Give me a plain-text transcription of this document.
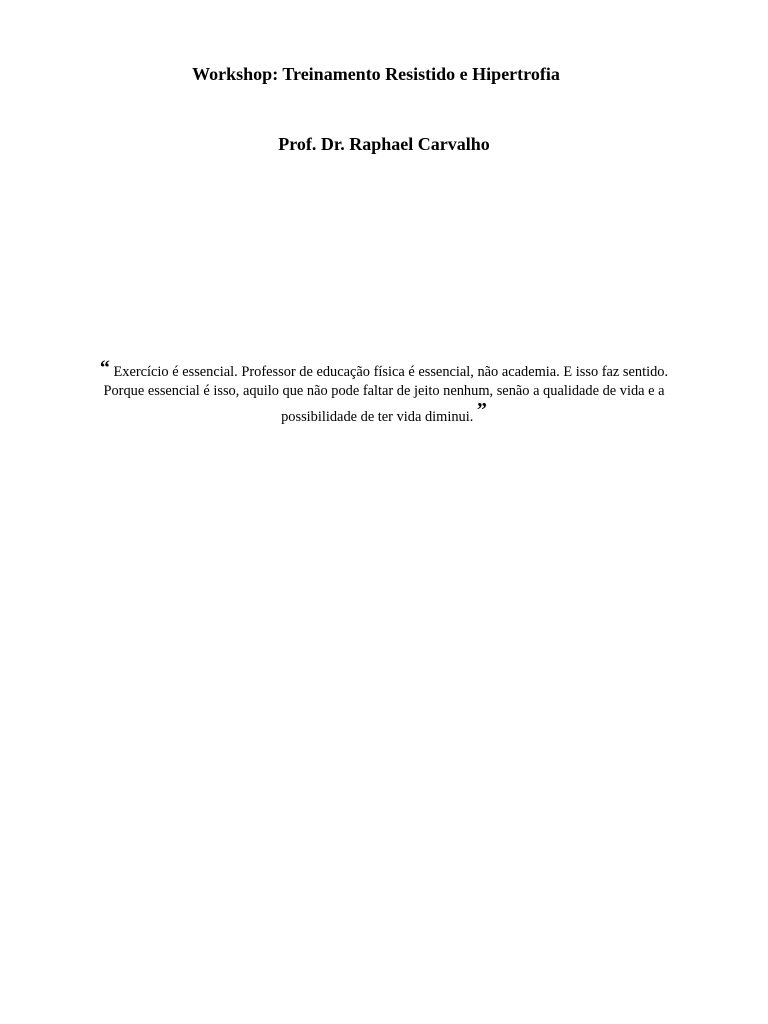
Workshop: Treinamento Resistido e Hipertrofia
Prof. Dr. Raphael Carvalho

“ Exercício é essencial. Professor de educação física é essencial, não academia. E isso faz sentido.
Porque essencial é isso, aquilo que não pode faltar de jeito nenhum, senão a qualidade de vida e a
possibilidade de ter vida diminui. ”
